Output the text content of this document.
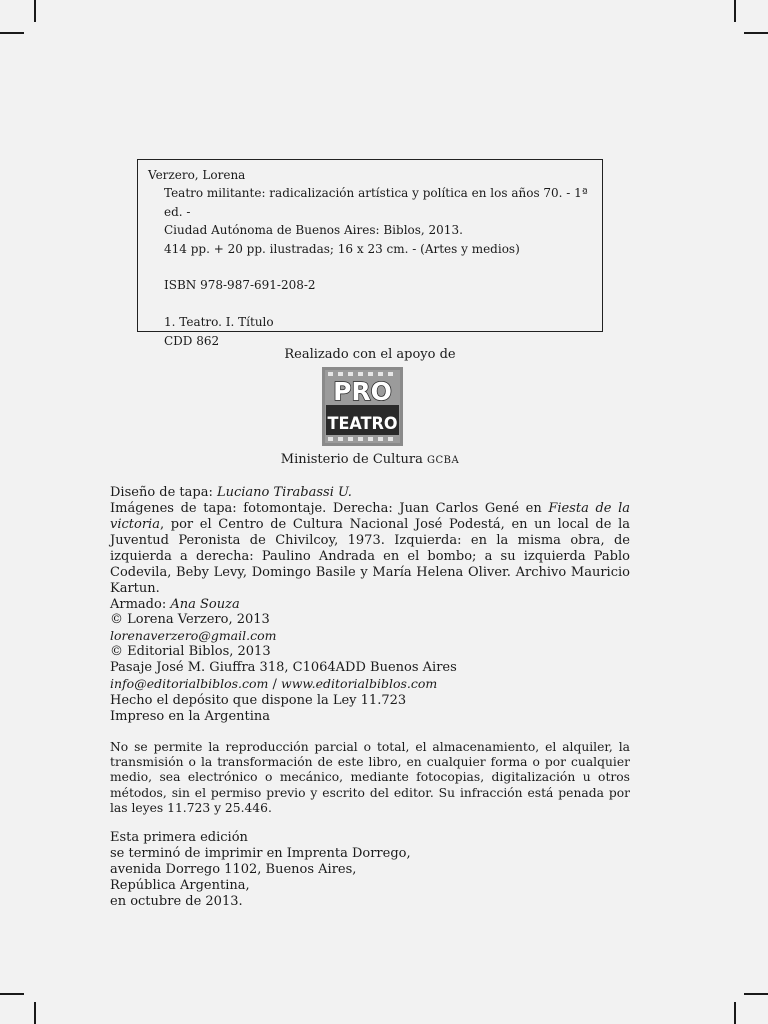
Verzero, Lorena
Teatro militante: radicalización artística y política en los años 70. - 1ª ed. -
Ciudad Autónoma de Buenos Aires: Biblos, 2013.
414 pp. + 20 pp. ilustradas; 16 x 23 cm. - (Artes y medios)
ISBN 978-987-691-208-2
1. Teatro. I. Título
CDD 862
Realizado con el apoyo de
PRO
TEATRO
Ministerio de Cultura GCBA
Diseño de tapa: Luciano Tirabassi U.
Imágenes de tapa: fotomontaje. Derecha: Juan Carlos Gené en Fiesta de la victoria, por el Centro de Cultura Nacional José Podestá, en un local de la Juventud Peronista de Chivilcoy, 1973. Izquierda: en la misma obra, de izquierda a derecha: Paulino Andrada en el bombo; a su izquierda Pablo Codevila, Beby Levy, Domingo Basile y María Helena Oliver. Archivo Mauricio Kartun.
Armado: Ana Souza
© Lorena Verzero, 2013
lorenaverzero@gmail.com
© Editorial Biblos, 2013
Pasaje José M. Giuffra 318, C1064ADD Buenos Aires
info@editorialbiblos.com / www.editorialbiblos.com
Hecho el depósito que dispone la Ley 11.723
Impreso en la Argentina
No se permite la reproducción parcial o total, el almacenamiento, el alquiler, la transmisión o la transformación de este libro, en cualquier forma o por cualquier medio, sea electrónico o mecánico, mediante fotocopias, digitalización u otros métodos, sin el permiso previo y escrito del editor. Su infracción está penada por las leyes 11.723 y 25.446.
Esta primera edición
se terminó de imprimir en Imprenta Dorrego,
avenida Dorrego 1102, Buenos Aires,
República Argentina,
en octubre de 2013.
